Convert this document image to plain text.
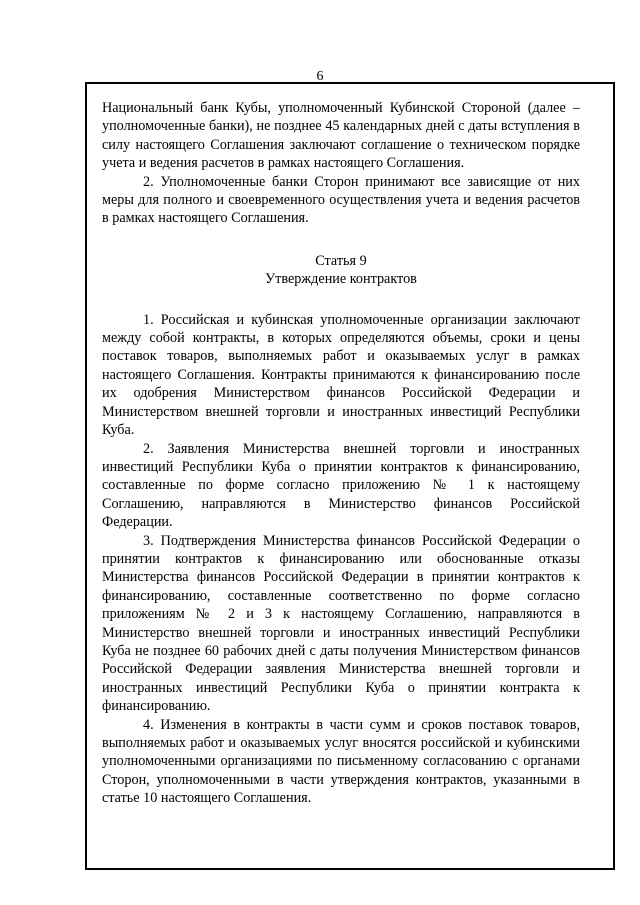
6

Национальный банк Кубы, уполномоченный Кубинской Стороной (далее – уполномоченные банки), не позднее 45 календарных дней с даты вступления в силу настоящего Соглашения заключают соглашение о техническом порядке учета и ведения расчетов в рамках настоящего Соглашения.

2. Уполномоченные банки Сторон принимают все зависящие от них меры для полного и своевременного осуществления учета и ведения расчетов в рамках настоящего Соглашения.

Статья 9
Утверждение контрактов

1. Российская и кубинская уполномоченные организации заключают между собой контракты, в которых определяются объемы, сроки и цены поставок товаров, выполняемых работ и оказываемых услуг в рамках настоящего Соглашения. Контракты принимаются к финансированию после их одобрения Министерством финансов Российской Федерации и Министерством внешней торговли и иностранных инвестиций Республики Куба.

2. Заявления Министерства внешней торговли и иностранных инвестиций Республики Куба о принятии контрактов к финансированию, составленные по форме согласно приложению № 1 к настоящему Соглашению, направляются в Министерство финансов Российской Федерации.

3. Подтверждения Министерства финансов Российской Федерации о принятии контрактов к финансированию или обоснованные отказы Министерства финансов Российской Федерации в принятии контрактов к финансированию, составленные соответственно по форме согласно приложениям № 2 и 3 к настоящему Соглашению, направляются в Министерство внешней торговли и иностранных инвестиций Республики Куба не позднее 60 рабочих дней с даты получения Министерством финансов Российской Федерации заявления Министерства внешней торговли и иностранных инвестиций Республики Куба о принятии контракта к финансированию.

4. Изменения в контракты в части сумм и сроков поставок товаров, выполняемых работ и оказываемых услуг вносятся российской и кубинскими уполномоченными организациями по письменному согласованию с органами Сторон, уполномоченными в части утверждения контрактов, указанными в статье 10 настоящего Соглашения.
